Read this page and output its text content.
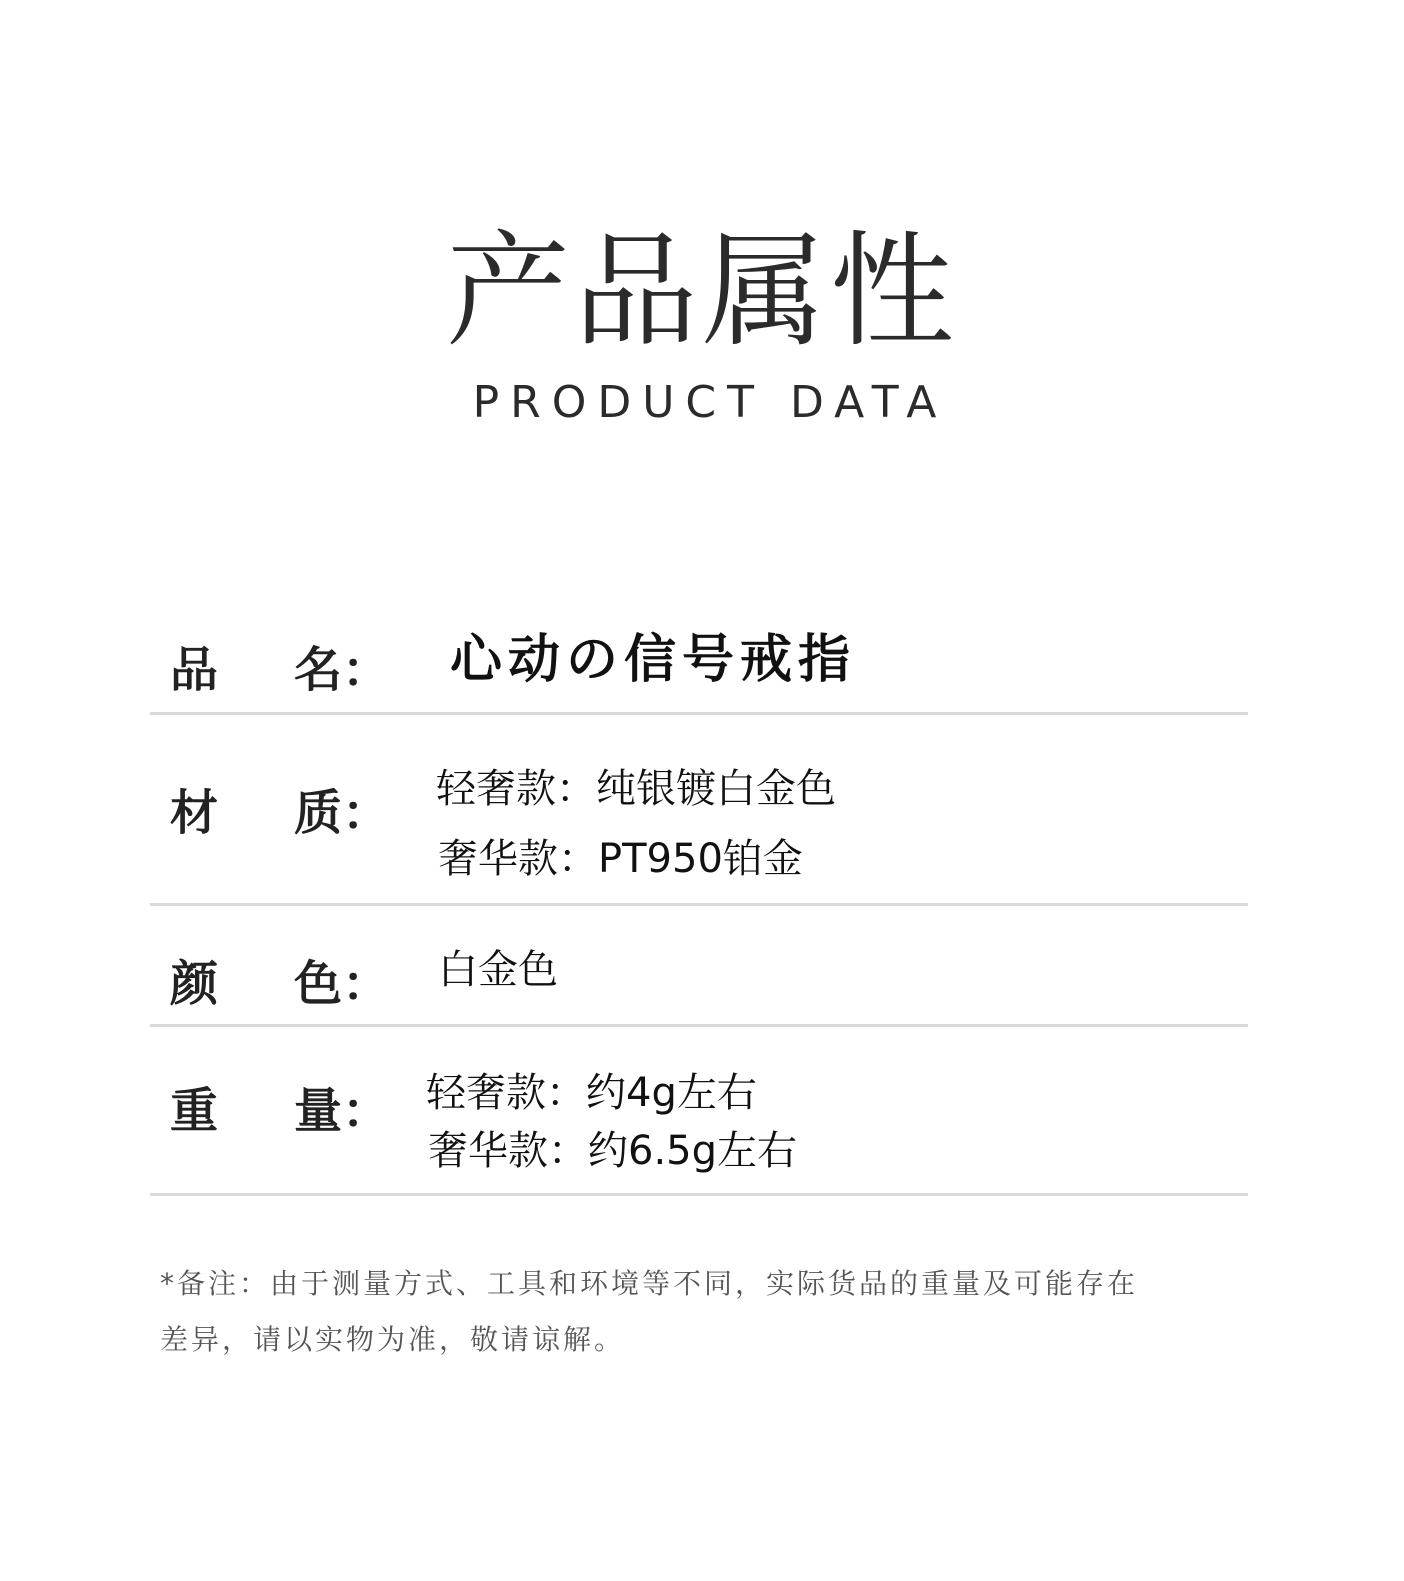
产品属性
PRODUCT DATA
品 名： 心动の信号戒指
材 质： 轻奢款：纯银镀白金色
奢华款：PT950铂金
颜 色： 白金色
重 量： 轻奢款：约4g左右
奢华款：约6.5g左右

*备注：由于测量方式、工具和环境等不同，实际货品的重量及可能存在
差异，请以实物为准，敬请谅解。
